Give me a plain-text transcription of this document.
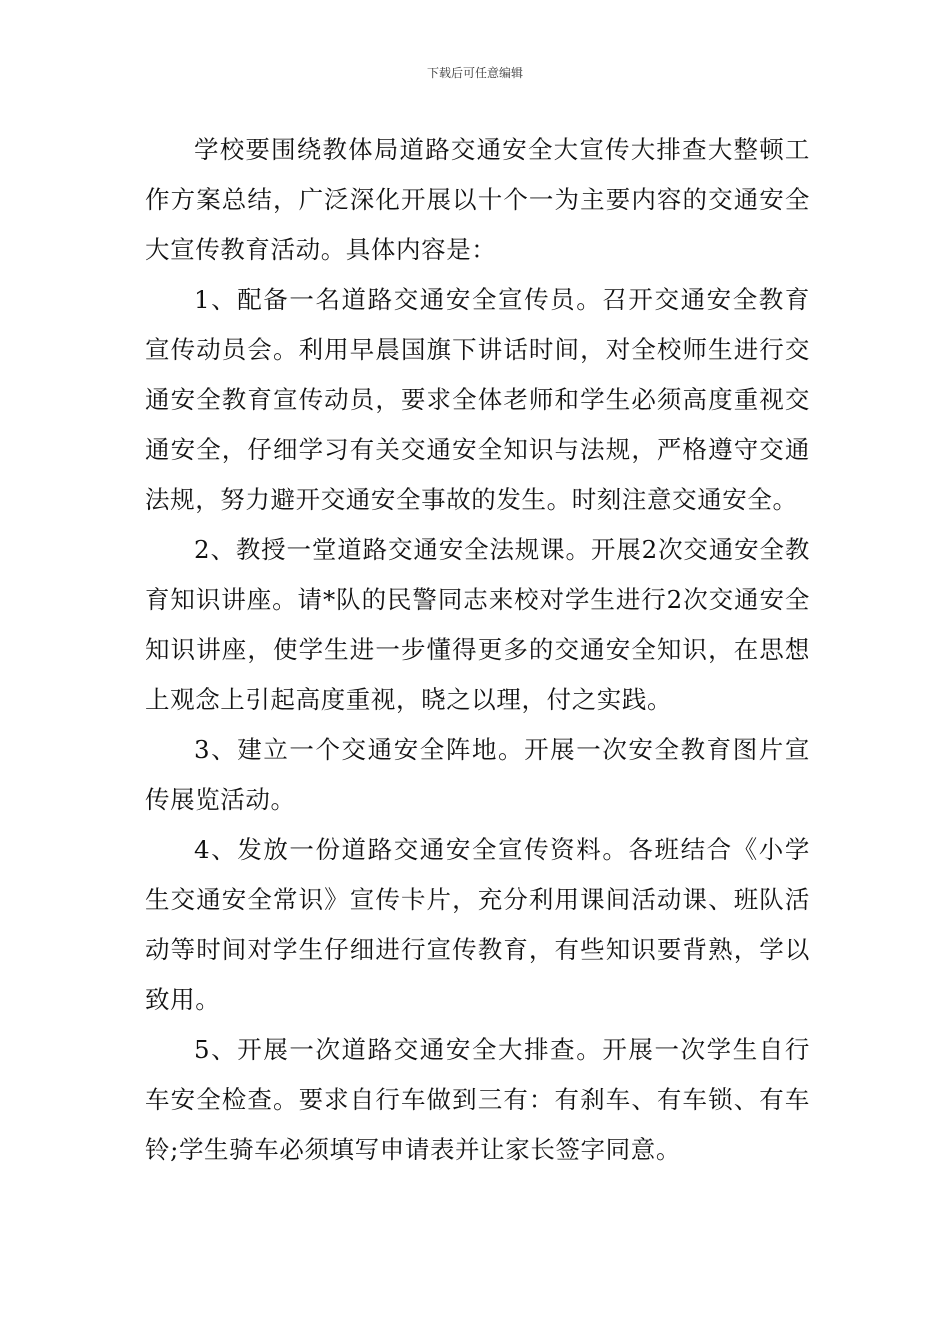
下载后可任意编辑

学校要围绕教体局道路交通安全大宣传大排查大整顿工作方案总结，广泛深化开展以十个一为主要内容的交通安全大宣传教育活动。具体内容是：

1、配备一名道路交通安全宣传员。召开交通安全教育宣传动员会。利用早晨国旗下讲话时间，对全校师生进行交通安全教育宣传动员，要求全体老师和学生必须高度重视交通安全，仔细学习有关交通安全知识与法规，严格遵守交通法规，努力避开交通安全事故的发生。时刻注意交通安全。

2、教授一堂道路交通安全法规课。开展2次交通安全教育知识讲座。请*队的民警同志来校对学生进行2次交通安全知识讲座，使学生进一步懂得更多的交通安全知识，在思想上观念上引起高度重视，晓之以理，付之实践。

3、建立一个交通安全阵地。开展一次安全教育图片宣传展览活动。

4、发放一份道路交通安全宣传资料。各班结合《小学生交通安全常识》宣传卡片，充分利用课间活动课、班队活动等时间对学生仔细进行宣传教育，有些知识要背熟，学以致用。

5、开展一次道路交通安全大排查。开展一次学生自行车安全检查。要求自行车做到三有：有刹车、有车锁、有车铃;学生骑车必须填写申请表并让家长签字同意。
